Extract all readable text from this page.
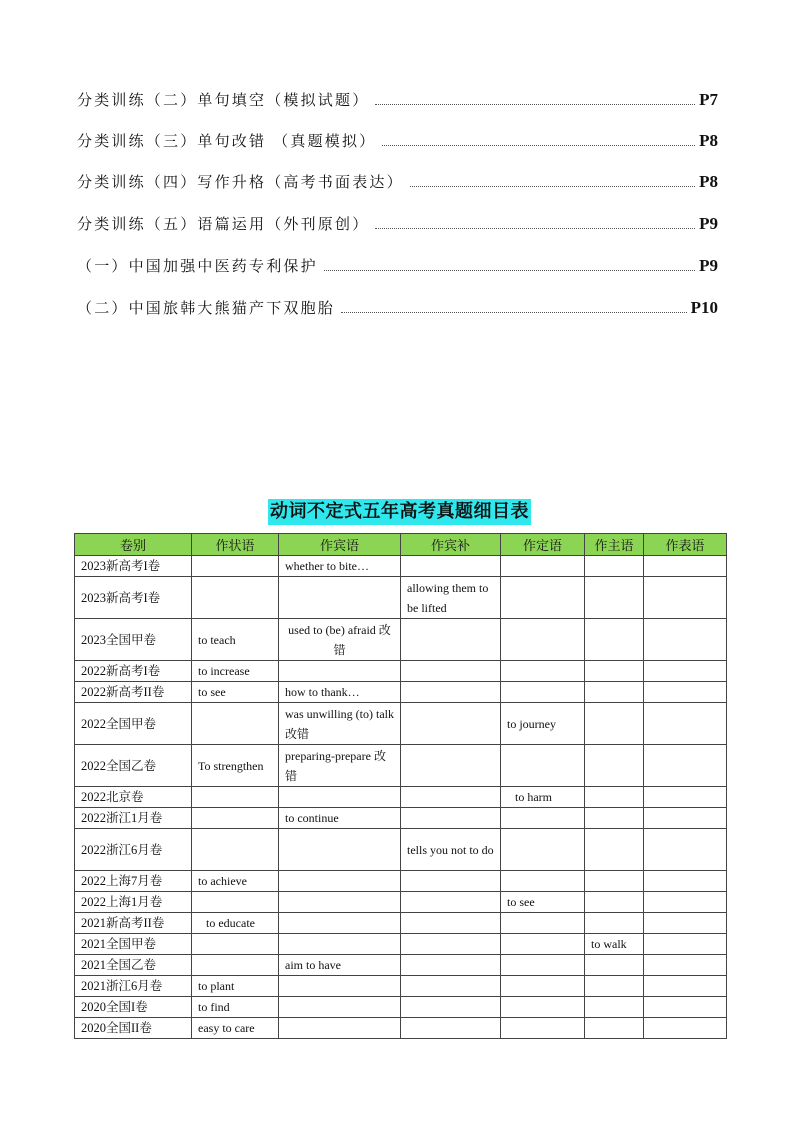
分类训练（二）单句填空（模拟试题）	P7
分类训练（三）单句改错 （真题模拟）	P8
分类训练（四）写作升格（高考书面表达）	P8
分类训练（五）语篇运用（外刊原创）	P9
（一）中国加强中医药专利保护	P9
（二）中国旅韩大熊猫产下双胞胎	P10
动词不定式五年高考真题细目表
卷别	作状语	作宾语	作宾补	作定语	作主语	作表语
2023新高考I卷		whether to bite…				
2023新高考I卷			allowing them to be lifted			
2023全国甲卷	to teach	used to (be) afraid 改错				
2022新高考I卷	to increase					
2022新高考II卷	to see	how to thank…				
2022全国甲卷		was unwilling (to) talk 改错		to journey		
2022全国乙卷	To strengthen	preparing-prepare 改错				
2022北京卷				to harm		
2022浙江1月卷		to continue				
2022浙江6月卷			tells you not to do			
2022上海7月卷	to achieve					
2022上海1月卷				to see		
2021新高考II卷	to educate					
2021全国甲卷					to walk	
2021全国乙卷		aim to have				
2021浙江6月卷	to plant					
2020全国I卷	to find					
2020全国II卷	easy to care					
